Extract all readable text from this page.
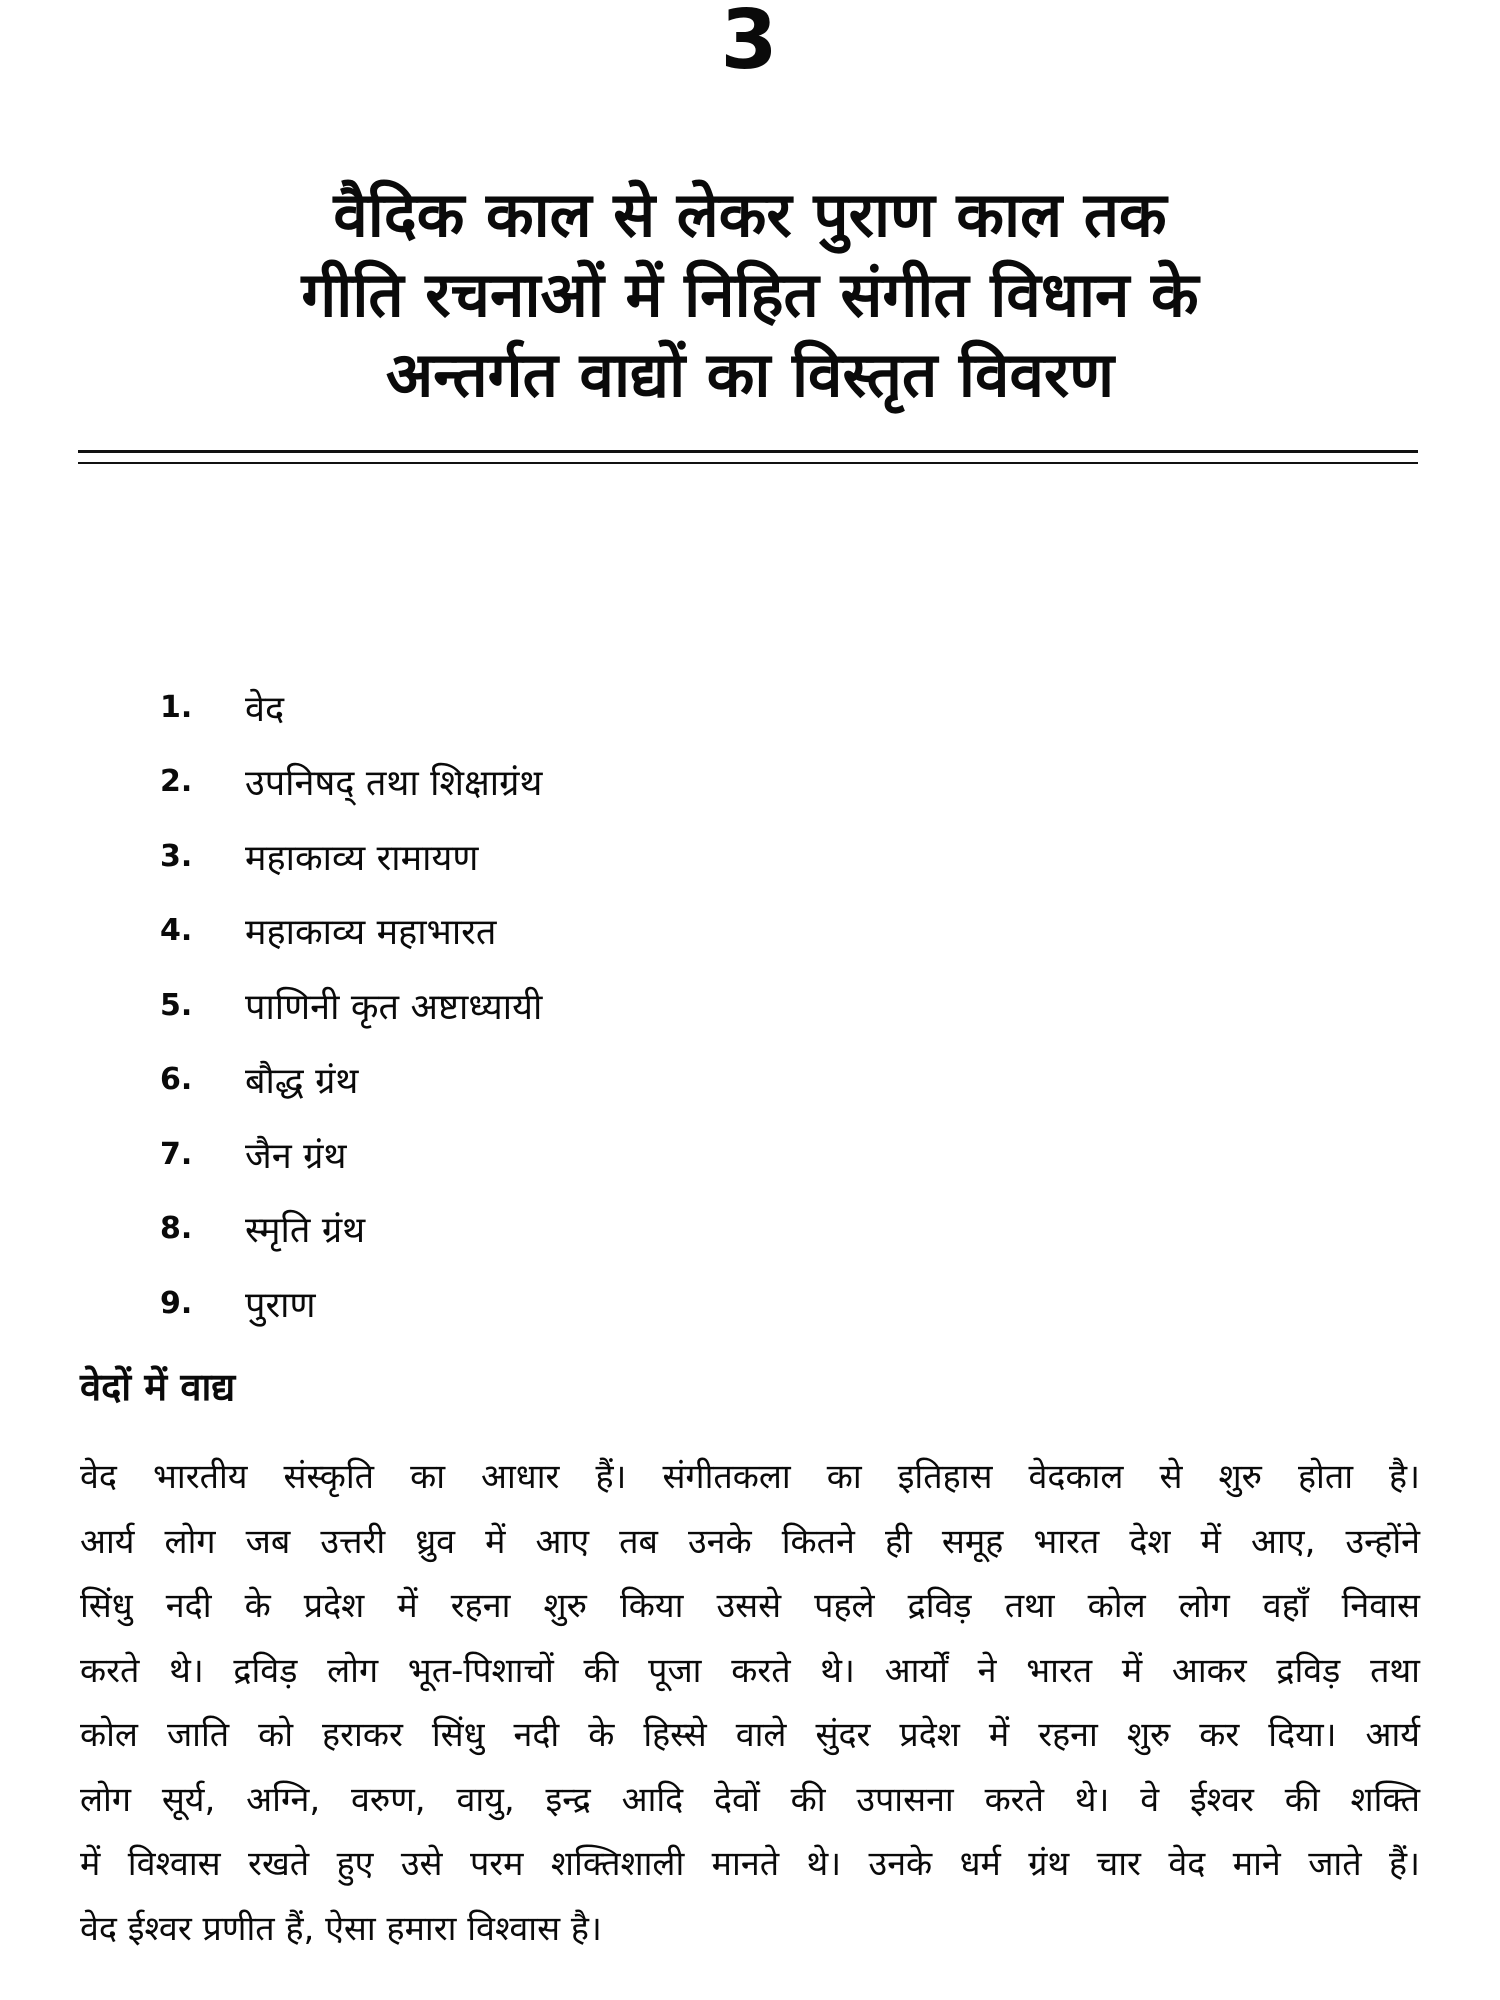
3
वैदिक काल से लेकर पुराण काल तक
गीति रचनाओं में निहित संगीत विधान के
अन्तर्गत वाद्यों का विस्तृत विवरण
1.	वेद
2.	उपनिषद् तथा शिक्षाग्रंथ
3.	महाकाव्य रामायण
4.	महाकाव्य महाभारत
5.	पाणिनी कृत अष्टाध्यायी
6.	बौद्ध ग्रंथ
7.	जैन ग्रंथ
8.	स्मृति ग्रंथ
9.	पुराण
वेदों में वाद्य
वेद भारतीय संस्कृति का आधार हैं। संगीतकला का इतिहास वेदकाल से शुरु होता है।
आर्य लोग जब उत्तरी ध्रुव में आए तब उनके कितने ही समूह भारत देश में आए, उन्होंने
सिंधु नदी के प्रदेश में रहना शुरु किया उससे पहले द्रविड़ तथा कोल लोग वहाँ निवास
करते थे। द्रविड़ लोग भूत-पिशाचों की पूजा करते थे। आर्यों ने भारत में आकर द्रविड़ तथा
कोल जाति को हराकर सिंधु नदी के हिस्से वाले सुंदर प्रदेश में रहना शुरु कर दिया। आर्य
लोग सूर्य, अग्नि, वरुण, वायु, इन्द्र आदि देवों की उपासना करते थे। वे ईश्वर की शक्ति
में विश्वास रखते हुए उसे परम शक्तिशाली मानते थे। उनके धर्म ग्रंथ चार वेद माने जाते हैं।
वेद ईश्वर प्रणीत हैं, ऐसा हमारा विश्वास है।
